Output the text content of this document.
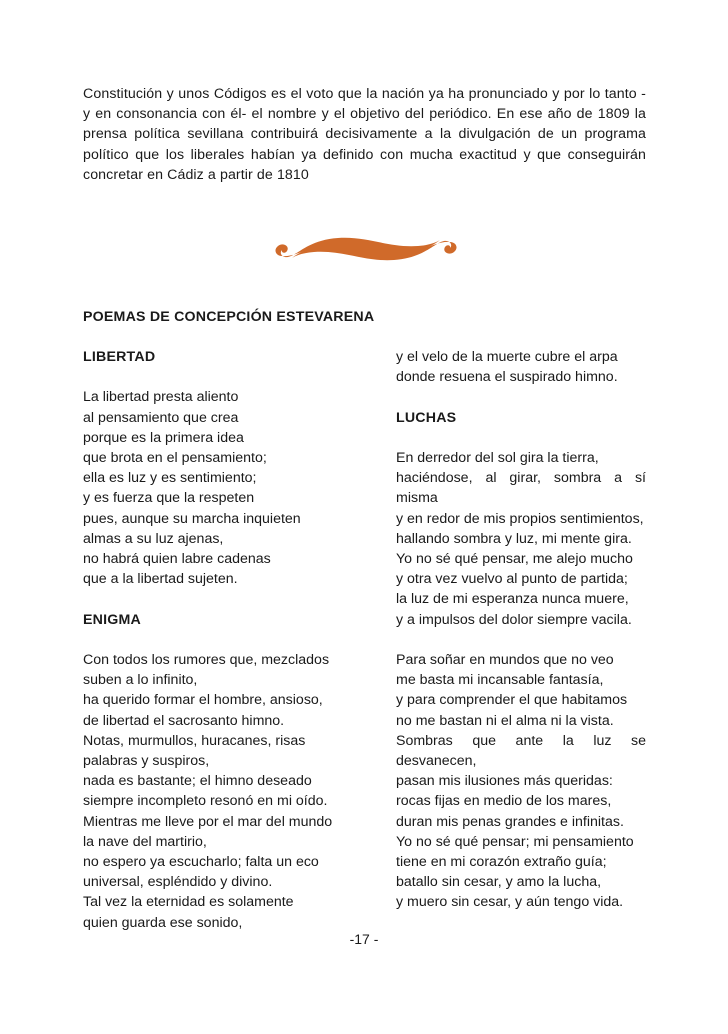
Constitución y unos Códigos es el voto que la nación ya ha pronunciado y por lo tanto -y en consonancia con él- el nombre y el objetivo del periódico. En ese año de 1809 la prensa política sevillana contribuirá decisivamente a la divulgación de un programa político que los liberales habían ya definido con mucha exactitud y que conseguirán concretar en Cádiz a partir de 1810
POEMAS DE CONCEPCIÓN ESTEVARENA
LIBERTAD
La libertad presta aliento
al pensamiento que crea
porque es la primera idea
que brota en el pensamiento;
ella es luz y es sentimiento;
y es fuerza que la respeten
pues, aunque su marcha inquieten
almas a su luz ajenas,
no habrá quien labre cadenas
que a la libertad sujeten.
ENIGMA
Con todos los rumores que, mezclados
suben a lo infinito,
ha querido formar el hombre, ansioso,
de libertad el sacrosanto himno.
Notas, murmullos, huracanes, risas
palabras y suspiros,
nada es bastante; el himno deseado
siempre incompleto resonó en mi oído.
Mientras me lleve por el mar del mundo
la nave del martirio,
no espero ya escucharlo; falta un eco
universal, espléndido y divino.
Tal vez la eternidad es solamente
quien guarda ese sonido,
y el velo de la muerte cubre el arpa
donde resuena el suspirado himno.
LUCHAS
En derredor del sol gira la tierra,
haciéndose, al girar, sombra a sí
misma
y en redor de mis propios sentimientos,
hallando sombra y luz, mi mente gira.
Yo no sé qué pensar, me alejo mucho
y otra vez vuelvo al punto de partida;
la luz de mi esperanza nunca muere,
y a impulsos del dolor siempre vacila.
Para soñar en mundos que no veo
me basta mi incansable fantasía,
y para comprender el que habitamos
no me bastan ni el alma ni la vista.
Sombras que ante la luz se
desvanecen,
pasan mis ilusiones más queridas:
rocas fijas en medio de los mares,
duran mis penas grandes e infinitas.
Yo no sé qué pensar; mi pensamiento
tiene en mi corazón extraño guía;
batallo sin cesar, y amo la lucha,
y muero sin cesar, y aún tengo vida.
-17 -
